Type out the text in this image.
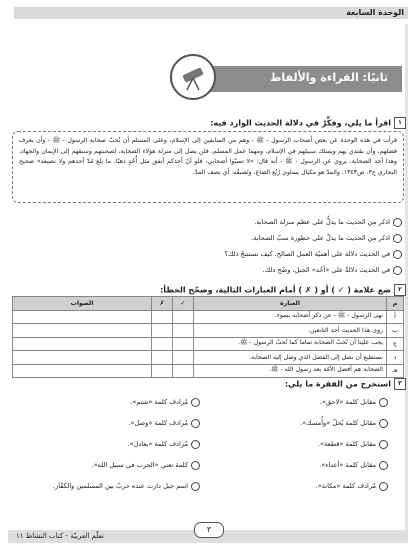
الوحدة السابعة
ثانيًا: القراءة والألفاظ
١اقرأ ما يلي، وفكِّرْ في دلالة الحديث الوارد فيه:
قرأت في هذه الوحدة عن بعض أصحاب الرسول - ﷺ - وهم من السابقين إلى الإسلام، وعلى المسلم أن يُحبّ صحابة الرسول - ﷺ - وأن يعرف فضلهم، وأن يقتدي بهم ويسلك سبيلهم في الإسلام، ومهما عمل المسلم، فلن يصل إلى منزلة هؤلاء الصحابة، لصحبتهم وسبقهم إلى الإيمان والجهاد، وهذا أحد الصحابة، يروي عن الرسول - ﷺ - أنه قال: «لا تسبّوا أصحابي، فلو أنّ أحدكم أنفق مثل أُحُدٍ ذهبًا، ما بلغ مُدّ أحدهم ولا نصيفه» صحيح البخاري ج٣، ص١٣٤٣. والمدّ هو مكيال يساوي رُبُع الصاع، ونَصيفُه: أي نصف المدّ.
اذكر من الحديث ما يدلُّ على عظم منزلة الصحابة.
اذكر من الحديث ما يدلّ على خطورة سبّ الصحابة.
في الحديث دلالة على أهميّة العمل الصالح. كيف تستنتجُ ذلك؟
في الحديث دلالةٌ على «أحُد» الجبل، وضّح ذلك.
٢ضع علامة ( ✓ ) أو ( ✗ ) أمام العبارات التالية، وصحّح الخطأ:
م	العبارة	✓	✗	الصواب
أ	نهى الرسول - ﷺ - عن ذكر أصحابه بسوء.			
ب	روى هذا الحديث أحد التابعين.			
ج	يجب علينا أن نُحبّ الصحابة تماما كما نُحبّ الرسول - ﷺ.			
د	نستطيع أن نصل إلى الفضل الذي وصل إليه الصحابة.			
هـ	الصحابة هم أفضل الأمّة بعد رسول الله - ﷺ.			
٣استخرج من الفقرة ما يلي:
مقابل كلمة «لاحق».
مقابل كلمة يُخلّ «وأُمسك».
مقابل كلمة «قطعة».
مقابل كلمة «أعداء».
مُرادف كلمة «مكانة».
مُرادف كلمة «شتم».
مُرادف كلمة «وصل».
مُرادف كلمة «يعادل».
كلمة تعني «الحرب في سبيل الله».
اسم جبل دارت عنده حربٌ بين المسلمين والكفّار.
تعلّم العربيّة - كتاب النشاط ١١
٣
